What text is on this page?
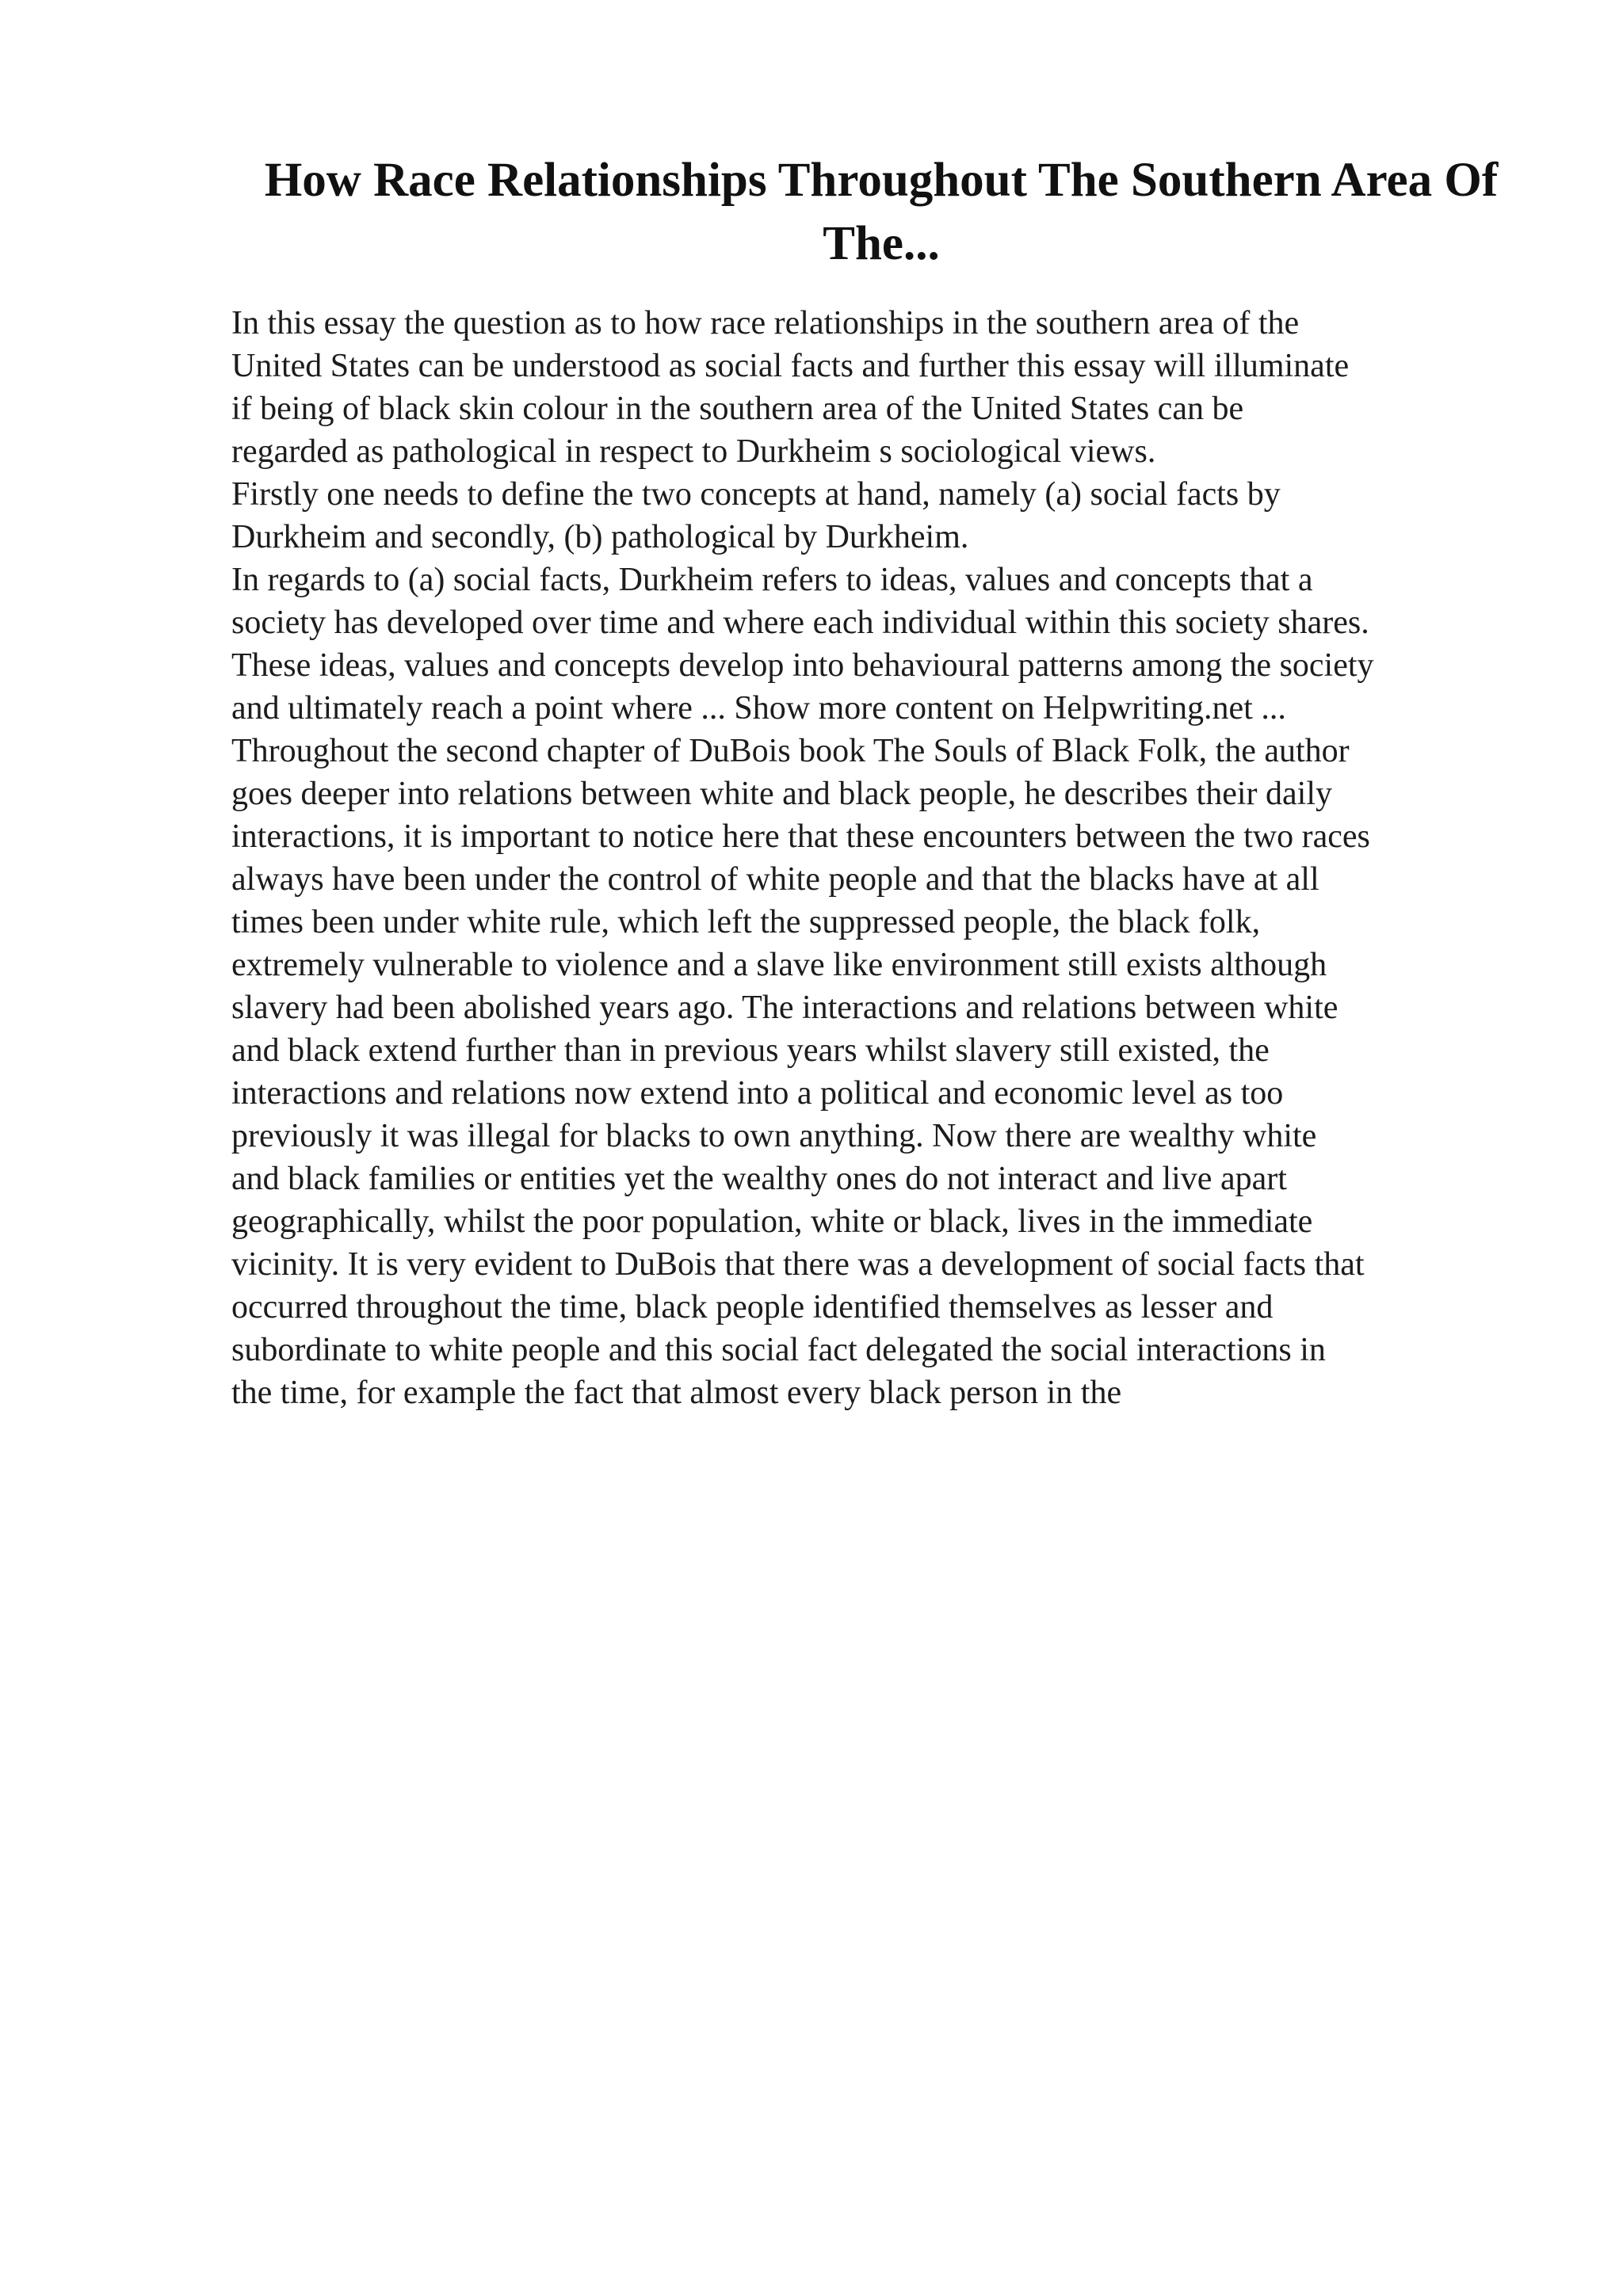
How Race Relationships Throughout The Southern Area Of
The...
In this essay the question as to how race relationships in the southern area of the
United States can be understood as social facts and further this essay will illuminate
if being of black skin colour in the southern area of the United States can be
regarded as pathological in respect to Durkheim s sociological views.
Firstly one needs to define the two concepts at hand, namely (a) social facts by
Durkheim and secondly, (b) pathological by Durkheim.
In regards to (a) social facts, Durkheim refers to ideas, values and concepts that a
society has developed over time and where each individual within this society shares.
These ideas, values and concepts develop into behavioural patterns among the society
and ultimately reach a point where ... Show more content on Helpwriting.net ...
Throughout the second chapter of DuBois book The Souls of Black Folk, the author
goes deeper into relations between white and black people, he describes their daily
interactions, it is important to notice here that these encounters between the two races
always have been under the control of white people and that the blacks have at all
times been under white rule, which left the suppressed people, the black folk,
extremely vulnerable to violence and a slave like environment still exists although
slavery had been abolished years ago. The interactions and relations between white
and black extend further than in previous years whilst slavery still existed, the
interactions and relations now extend into a political and economic level as too
previously it was illegal for blacks to own anything. Now there are wealthy white
and black families or entities yet the wealthy ones do not interact and live apart
geographically, whilst the poor population, white or black, lives in the immediate
vicinity. It is very evident to DuBois that there was a development of social facts that
occurred throughout the time, black people identified themselves as lesser and
subordinate to white people and this social fact delegated the social interactions in
the time, for example the fact that almost every black person in the
